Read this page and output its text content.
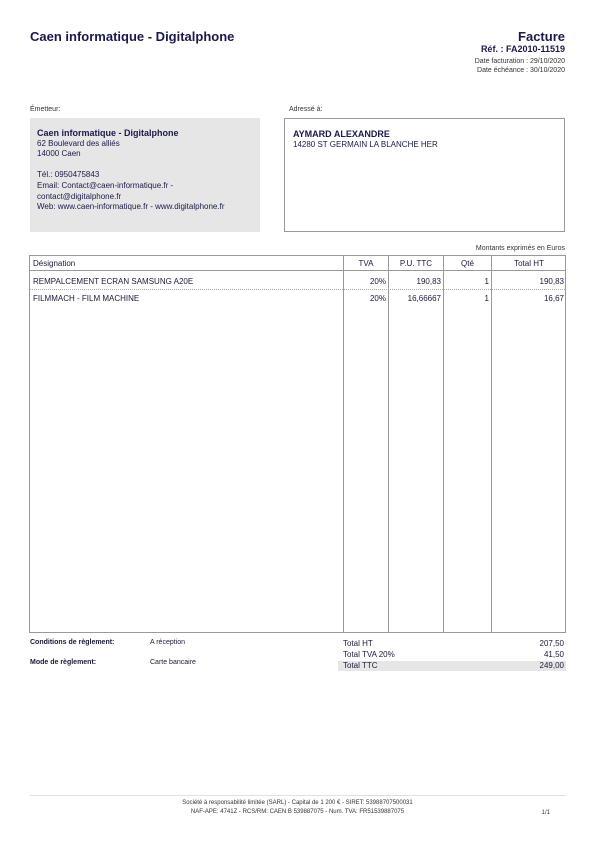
Caen informatique - Digitalphone	Facture
Réf. : FA2010-11519
Date facturation : 29/10/2020
Date échéance : 30/10/2020
Émetteur:
Caen informatique - Digitalphone
62 Boulevard des alliés
14000 Caen
Tél.: 0950475843
Email: Contact@caen-informatique.fr -
contact@digitalphone.fr
Web: www.caen-informatique.fr - www.digitalphone.fr
Adressé à:
AYMARD ALEXANDRE
14280 ST GERMAIN LA BLANCHE HER
Montants exprimés en Euros
Désignation	TVA	P.U. TTC	Qté	Total HT
REMPALCEMENT ECRAN SAMSUNG A20E	20%	190,83	1	190,83
FILMMACH - FILM MACHINE	20%	16,66667	1	16,67
Conditions de règlement:	A réception
Mode de règlement:	Carte bancaire
Total HT	207,50
Total TVA 20%	41,50
Total TTC	249,00
Société à responsabilité limitée (SARL) - Capital de 1 200 € - SIRET: 53988707500031
NAF-APE: 4741Z - RCS/RM: CAEN B 539887075 - Num. TVA: FR51539887075	1/1
